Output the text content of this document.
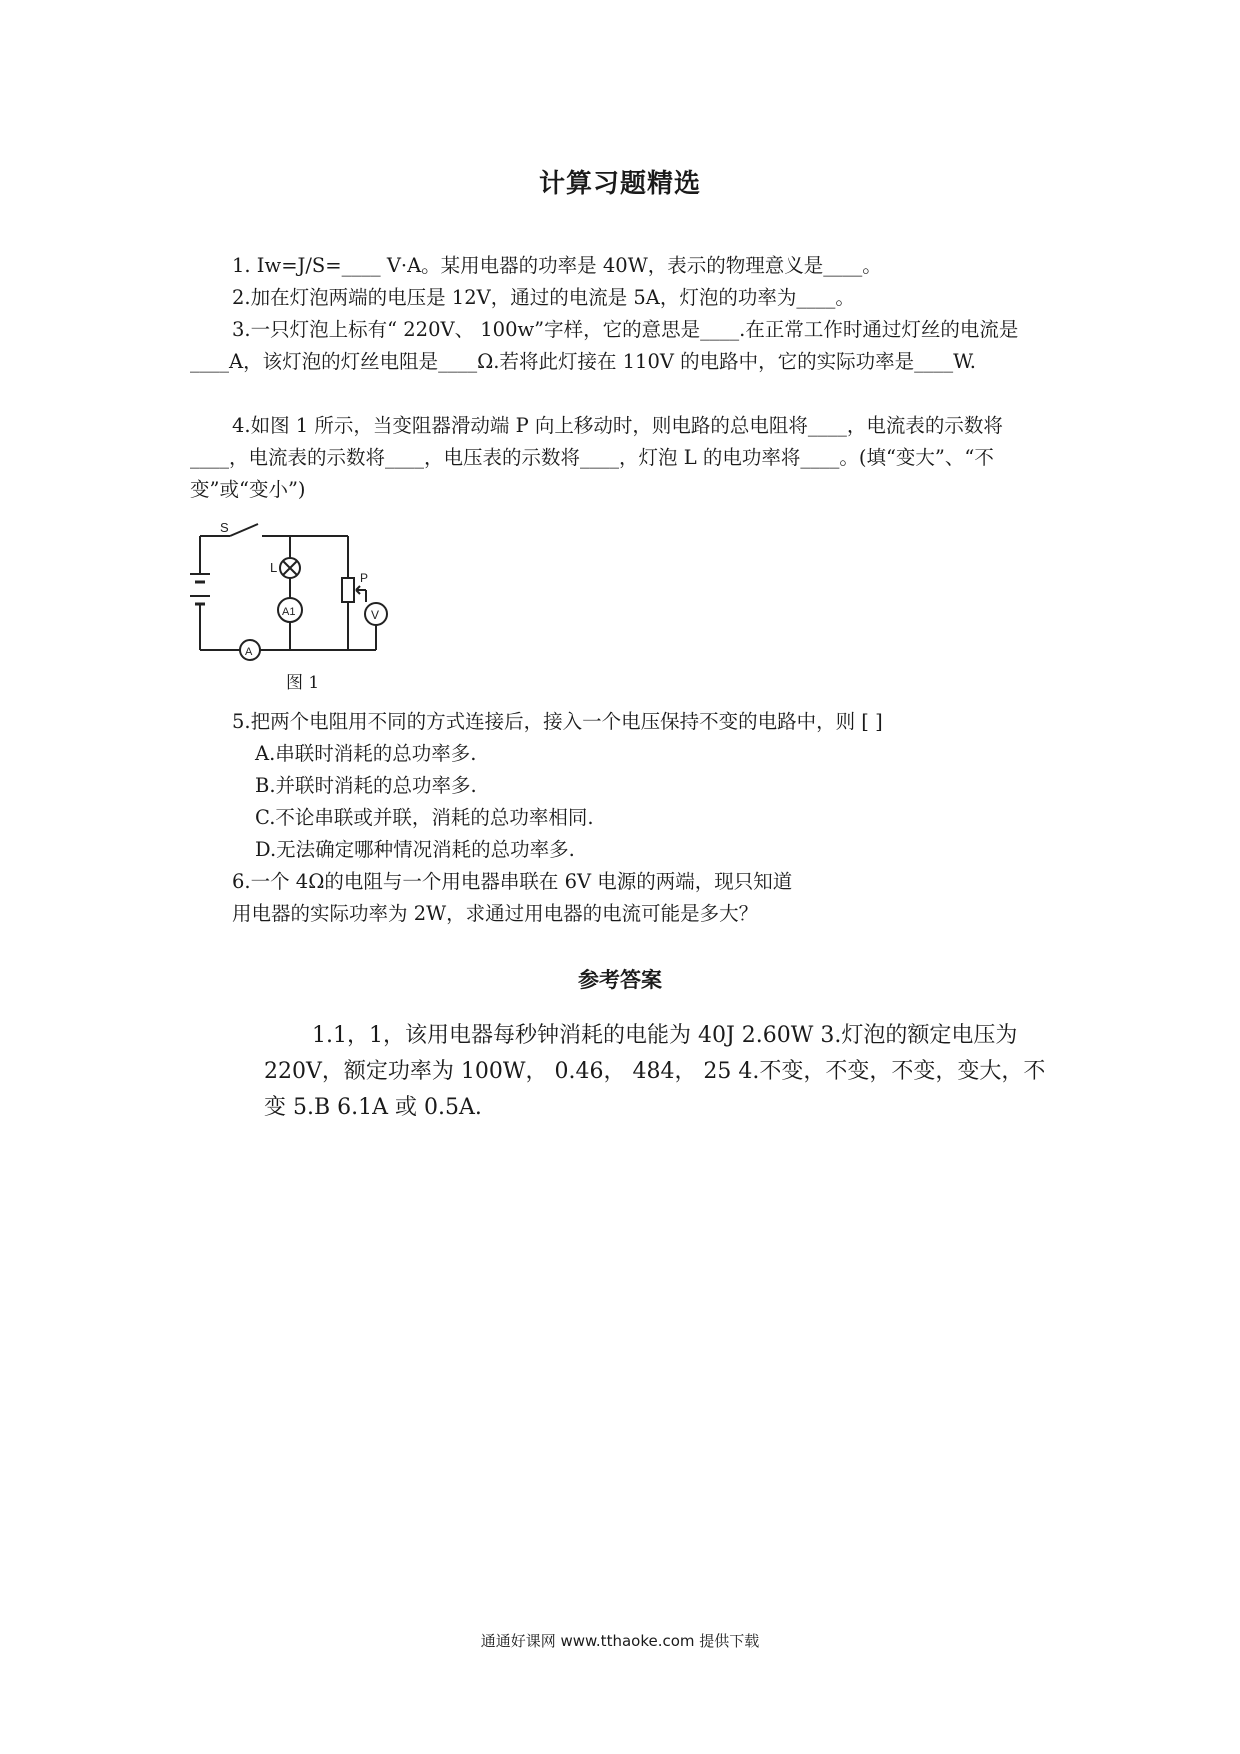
计算习题精选

1. Iw=J/S=____ V·A。某用电器的功率是 40W，表示的物理意义是____。

2.加在灯泡两端的电压是 12V，通过的电流是 5A，灯泡的功率为____。

3.一只灯泡上标有“ 220V、 100w”字样，它的意思是____.在正常工作时通过灯丝的电流是____A，该灯泡的灯丝电阻是____Ω.若将此灯接在 110V 的电路中，它的实际功率是____W.

4.如图 1 所示，当变阻器滑动端 P 向上移动时，则电路的总电阻将____，电流表的示数将____，电流表的示数将____，电压表的示数将____，灯泡 L 的电功率将____。(填“变大”、“不变”或“变小”)

S
L
A1
A
V
P
图 1

5.把两个电阻用不同的方式连接后，接入一个电压保持不变的电路中，则 [ ]

A.串联时消耗的总功率多.
B.并联时消耗的总功率多.
C.不论串联或并联，消耗的总功率相同.
D.无法确定哪种情况消耗的总功率多.

6.一个 4Ω的电阻与一个用电器串联在 6V 电源的两端，现只知道

用电器的实际功率为 2W，求通过用电器的电流可能是多大？

参考答案
1.1，1，该用电器每秒钟消耗的电能为 40J 2.60W 3.灯泡的额定电压为 220V，额定功率为 100W， 0.46， 484， 25 4.不变，不变，不变，变大，不变 5.B 6.1A 或 0.5A.
通通好课网 www.tthaoke.com 提供下载
